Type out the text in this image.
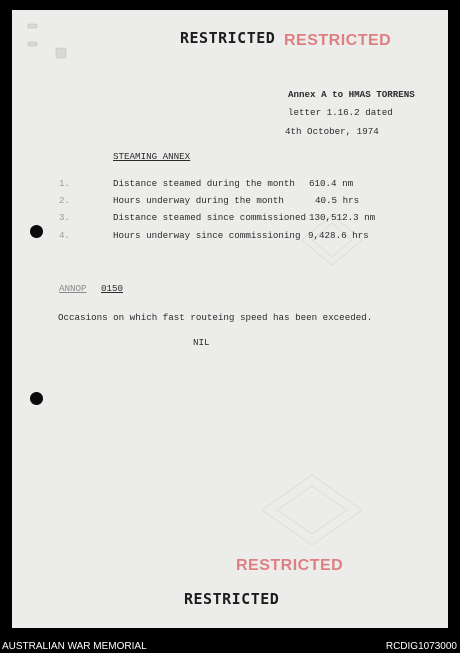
RESTRICTED RESTRICTED
Annex A to HMAS TORRENS
letter 1.16.2 dated
4th October, 1974
STEAMING ANNEX
1.	Distance steamed during the month 610.4 nm
2.	Hours underway during the month	40.5 hrs
3.	Distance steamed since commissioned 130,512.3 nm
4.	Hours underway since commissioning 9,428.6 hrs
ANNOP 0150
Occasions on which fast routeing speed has been exceeded.
NIL
RESTRICTED
RESTRICTED
AUSTRALIAN WAR MEMORIAL	RCDIG1073000
